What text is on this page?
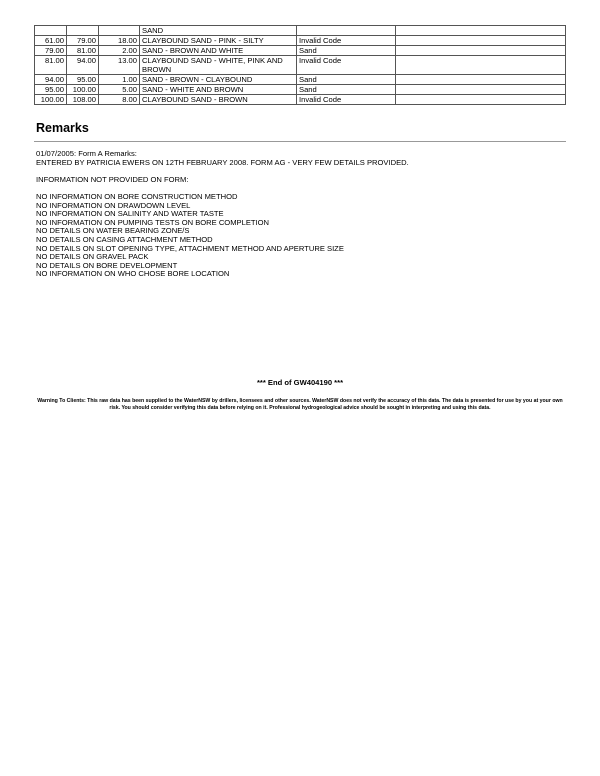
			SAND		
61.00	79.00	18.00	CLAYBOUND SAND - PINK - SILTY	Invalid Code	
79.00	81.00	2.00	SAND - BROWN AND WHITE	Sand	
81.00	94.00	13.00	CLAYBOUND SAND - WHITE, PINK AND BROWN	Invalid Code	
94.00	95.00	1.00	SAND - BROWN - CLAYBOUND	Sand	
95.00	100.00	5.00	SAND - WHITE AND BROWN	Sand	
100.00	108.00	8.00	CLAYBOUND SAND - BROWN	Invalid Code	
Remarks
01/07/2005: Form A Remarks:
ENTERED BY PATRICIA EWERS ON 12TH FEBRUARY 2008. FORM AG - VERY FEW DETAILS PROVIDED.
INFORMATION NOT PROVIDED ON FORM:
NO INFORMATION ON BORE CONSTRUCTION METHOD
NO INFORMATION ON DRAWDOWN LEVEL
NO INFORMATION ON SALINITY AND WATER TASTE
NO INFORMATION ON PUMPING TESTS ON BORE COMPLETION
NO DETAILS ON WATER BEARING ZONE/S
NO DETAILS ON CASING ATTACHMENT METHOD
NO DETAILS ON SLOT OPENING TYPE, ATTACHMENT METHOD AND APERTURE SIZE
NO DETAILS ON GRAVEL PACK
NO DETAILS ON BORE DEVELOPMENT
NO INFORMATION ON WHO CHOSE BORE LOCATION
*** End of GW404190 ***
Warning To Clients: This raw data has been supplied to the WaterNSW by drillers, licensees and other sources. WaterNSW does not verify the accuracy of this data. The data is presented for use by you at your own risk. You should consider verifying this data before relying on it. Professional hydrogeological advice should be sought in interpreting and using this data.
